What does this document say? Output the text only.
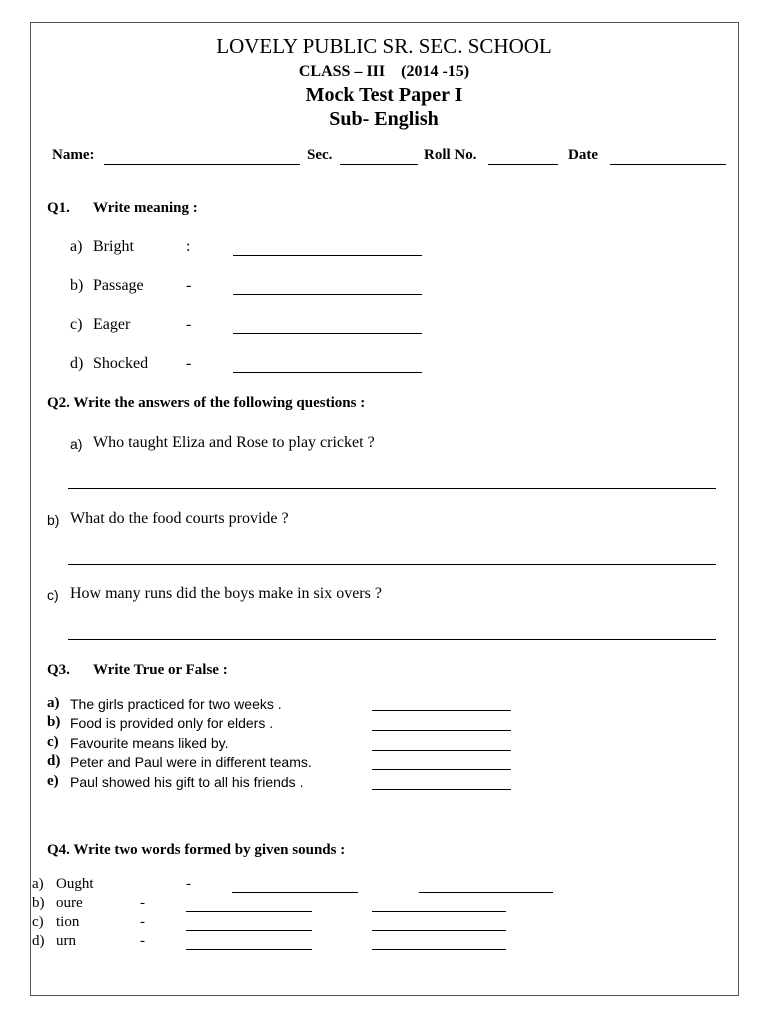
LOVELY PUBLIC SR. SEC. SCHOOL
CLASS – III (2014 -15)
Mock Test Paper I
Sub- English
Name:	Sec.	Roll No.	Date
Q1. Write meaning :
a) Bright	:
b) Passage	-
c) Eager	-
d) Shocked -
Q2. Write the answers of the following questions :
a) Who taught Eliza and Rose to play cricket ?
b) What do the food courts provide ?
c) How many runs did the boys make in six overs ?
Q3. Write True or False :
a) The girls practiced for two weeks .
b) Food is provided only for elders .
c) Favourite means liked by.
d) Peter and Paul were in different teams.
e) Paul showed his gift to all his friends .
Q4. Write two words formed by given sounds :
a) Ought	-
b) oure	-
c) tion	-
d) urn	-
